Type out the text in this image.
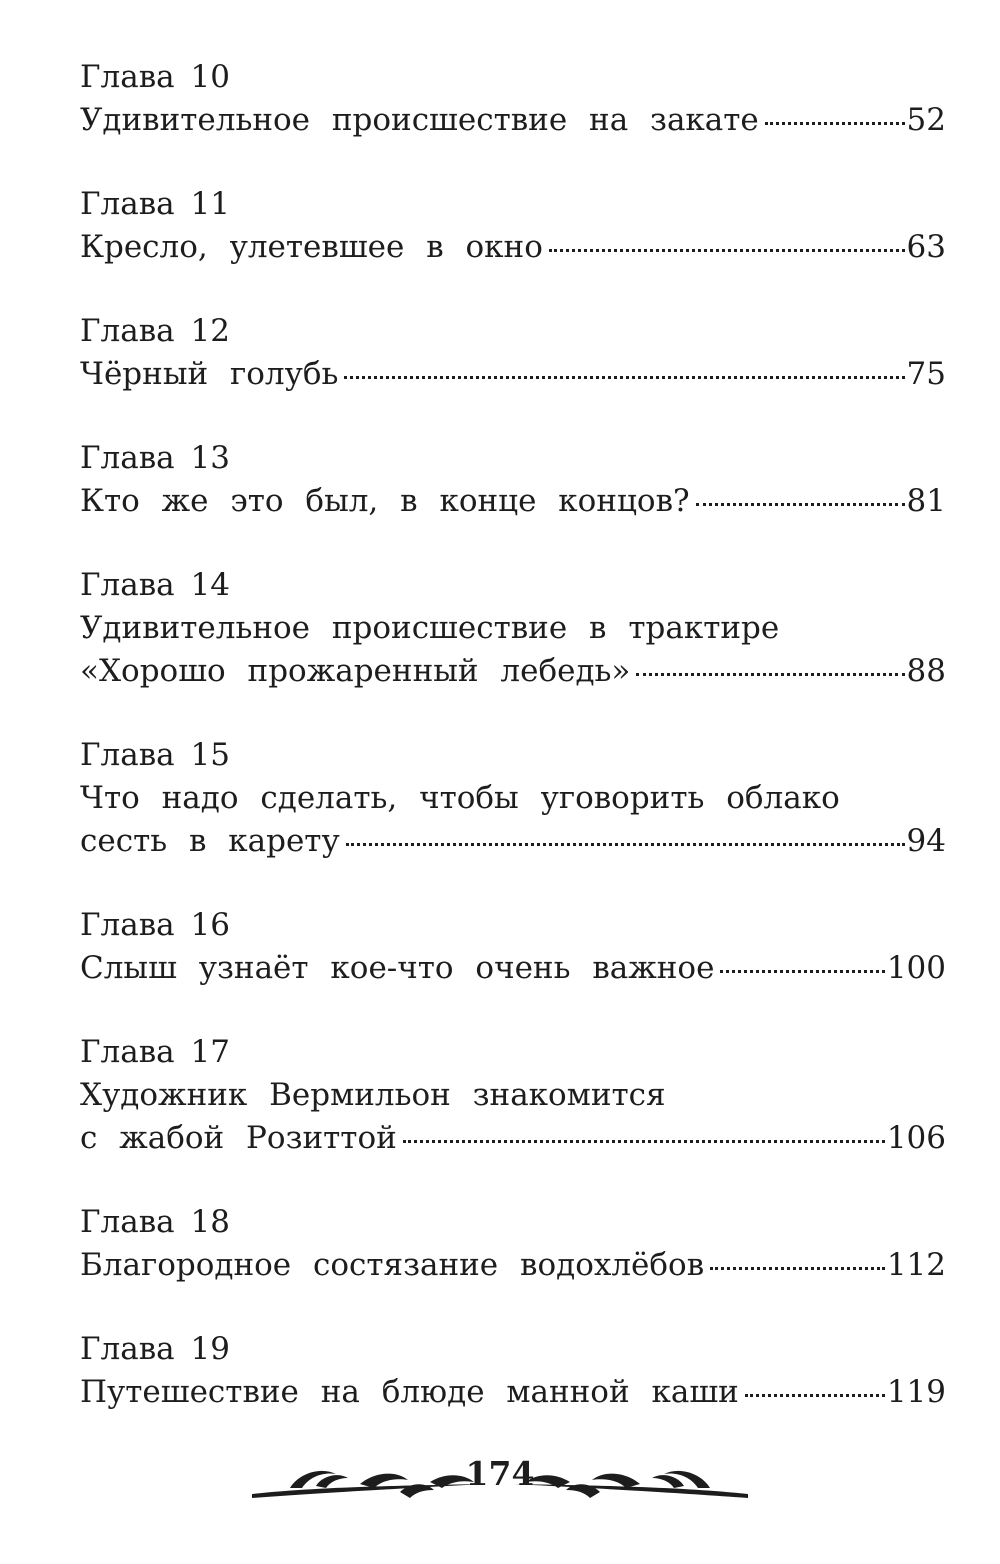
Глава 10
Удивительное происшествие на закате	52
Глава 11
Кресло, улетевшее в окно	63
Глава 12
Чёрный голубь	75
Глава 13
Кто же это был, в конце концов?	81
Глава 14
Удивительное происшествие в трактире
«Хорошо прожаренный лебедь»	88
Глава 15
Что надо сделать, чтобы уговорить облако
сесть в карету	94
Глава 16
Слыш узнаёт кое-что очень важное	100
Глава 17
Художник Вермильон знакомится
с жабой Розиттой	106
Глава 18
Благородное состязание водохлёбов	112
Глава 19
Путешествие на блюде манной каши	119
174
